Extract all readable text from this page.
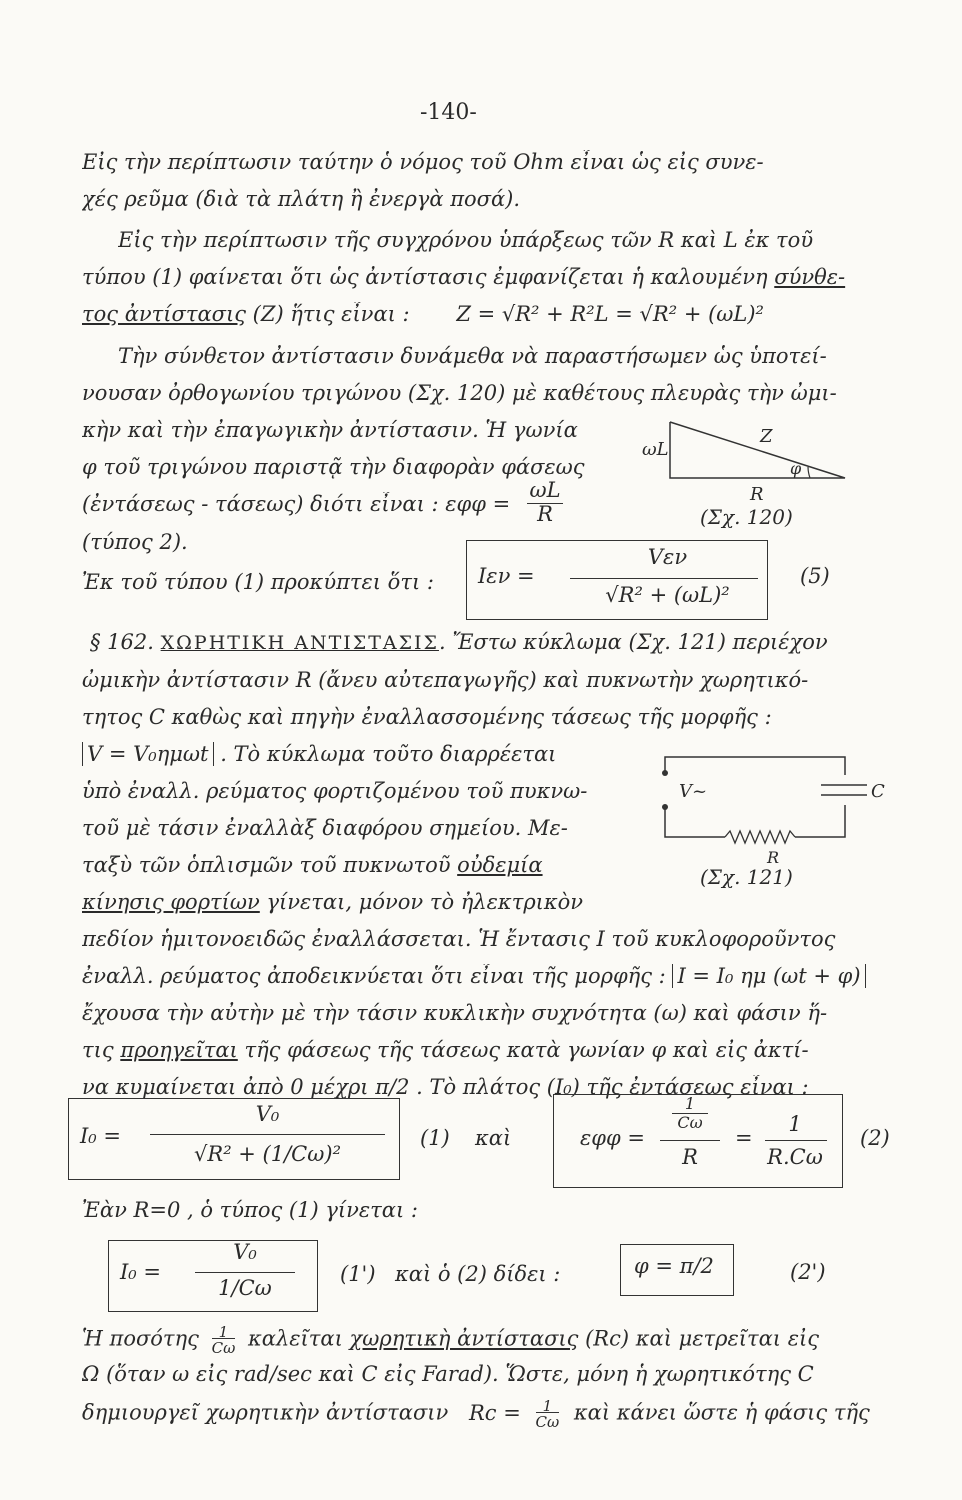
-140-
Εἰς τὴν περίπτωσιν ταύτην ὁ νόμος τοῦ Ohm εἶναι ὡς εἰς συνε-
χές ρεῦμα (διὰ τὰ πλάτη ἢ ἐνεργὰ ποσά).
Εἰς τὴν περίπτωσιν τῆς συγχρόνου ὑπάρξεως τῶν R καὶ L ἐκ τοῦ
τύπου (1) φαίνεται ὅτι ὡς ἀντίστασις ἐμφανίζεται ἡ καλουμένη σύνθε-
τος ἀντίστασις (Z) ἥτις εἶναι : Z = √R² + R²L = √R² + (ωL)²
Τὴν σύνθετον ἀντίστασιν δυνάμεθα νὰ παραστήσωμεν ὡς ὑποτεί-
νουσαν ὀρθογωνίου τριγώνου (Σχ. 120) μὲ καθέτους πλευρὰς τὴν ὠμι-
κὴν καὶ τὴν ἐπαγωγικὴν ἀντίστασιν. Ἡ γωνία
φ τοῦ τριγώνου παριστᾷ τὴν διαφορὰν φάσεως
(ἐντάσεως - τάσεως) διότι εἶναι : εφφ =
ωL
R
ωL
Z
φ
R
(Σχ. 120)
(τύπος 2).
Ἐκ τοῦ τύπου (1) προκύπτει ὅτι :	Iεν =
Vεν
√R² + (ωL)²
(5)
§ 162. ΧΩΡΗΤΙΚΗ ΑΝΤΙΣΤΑΣΙΣ. Ἔστω κύκλωμα (Σχ. 121) περιέχον
ὠμικὴν ἀντίστασιν R (ἄνευ αὐτεπαγωγῆς) καὶ πυκνωτὴν χωρητικό-
τητος C καθὼς καὶ πηγὴν ἐναλλασσομένης τάσεως τῆς μορφῆς :
V = V₀ημωt . Τὸ κύκλωμα τοῦτο διαρρέεται
ὑπὸ ἐναλλ. ρεύματος φορτιζομένου τοῦ πυκνω-
τοῦ μὲ τάσιν ἐναλλὰξ διαφόρου σημείου. Με-
ταξὺ τῶν ὁπλισμῶν τοῦ πυκνωτοῦ οὐδεμία
κίνησις φορτίων γίνεται, μόνον τὸ ἠλεκτρικὸν
V~	C
R
(Σχ. 121)
πεδίον ἡμιτονοειδῶς ἐναλλάσσεται. Ἡ ἔντασις I τοῦ κυκλοφοροῦντος
ἐναλλ. ρεύματος ἀποδεικνύεται ὅτι εἶναι τῆς μορφῆς : I = I₀ ημ (ωt + φ)
ἔχουσα τὴν αὐτὴν μὲ τὴν τάσιν κυκλικὴν συχνότητα (ω) καὶ φάσιν ἥ-
τις προηγεῖται τῆς φάσεως τῆς τάσεως κατὰ γωνίαν φ καὶ εἰς ἀκτί-
να κυμαίνεται ἀπὸ 0 μέχρι π/2 . Τὸ πλάτος (I₀) τῆς ἐντάσεως εἶναι :
I₀ =
V₀
√R² + (1/Cω)²
(1) καὶ	εφφ =
1
Cω
R
=
1
R.Cω
(2)
Ἐὰν R=0 , ὁ τύπος (1) γίνεται :
I₀ =
V₀
1/Cω
(1') καὶ ὁ (2) δίδει :	φ = π/2	(2')
Ἡ ποσότης $\frac{1}{C\omega}$ καλεῖται χωρητικὴ ἀντίστασις (Rc) καὶ μετρεῖται εἰς
Ω (ὅταν ω εἰς rad/sec καὶ C εἰς Farad). Ὥστε, μόνη ἡ χωρητικότης C
δημιουργεῖ χωρητικὴν ἀντίστασιν $Rc = \frac{1}{C\omega}$ καὶ κάνει ὥστε ἡ φάσις τῆς
